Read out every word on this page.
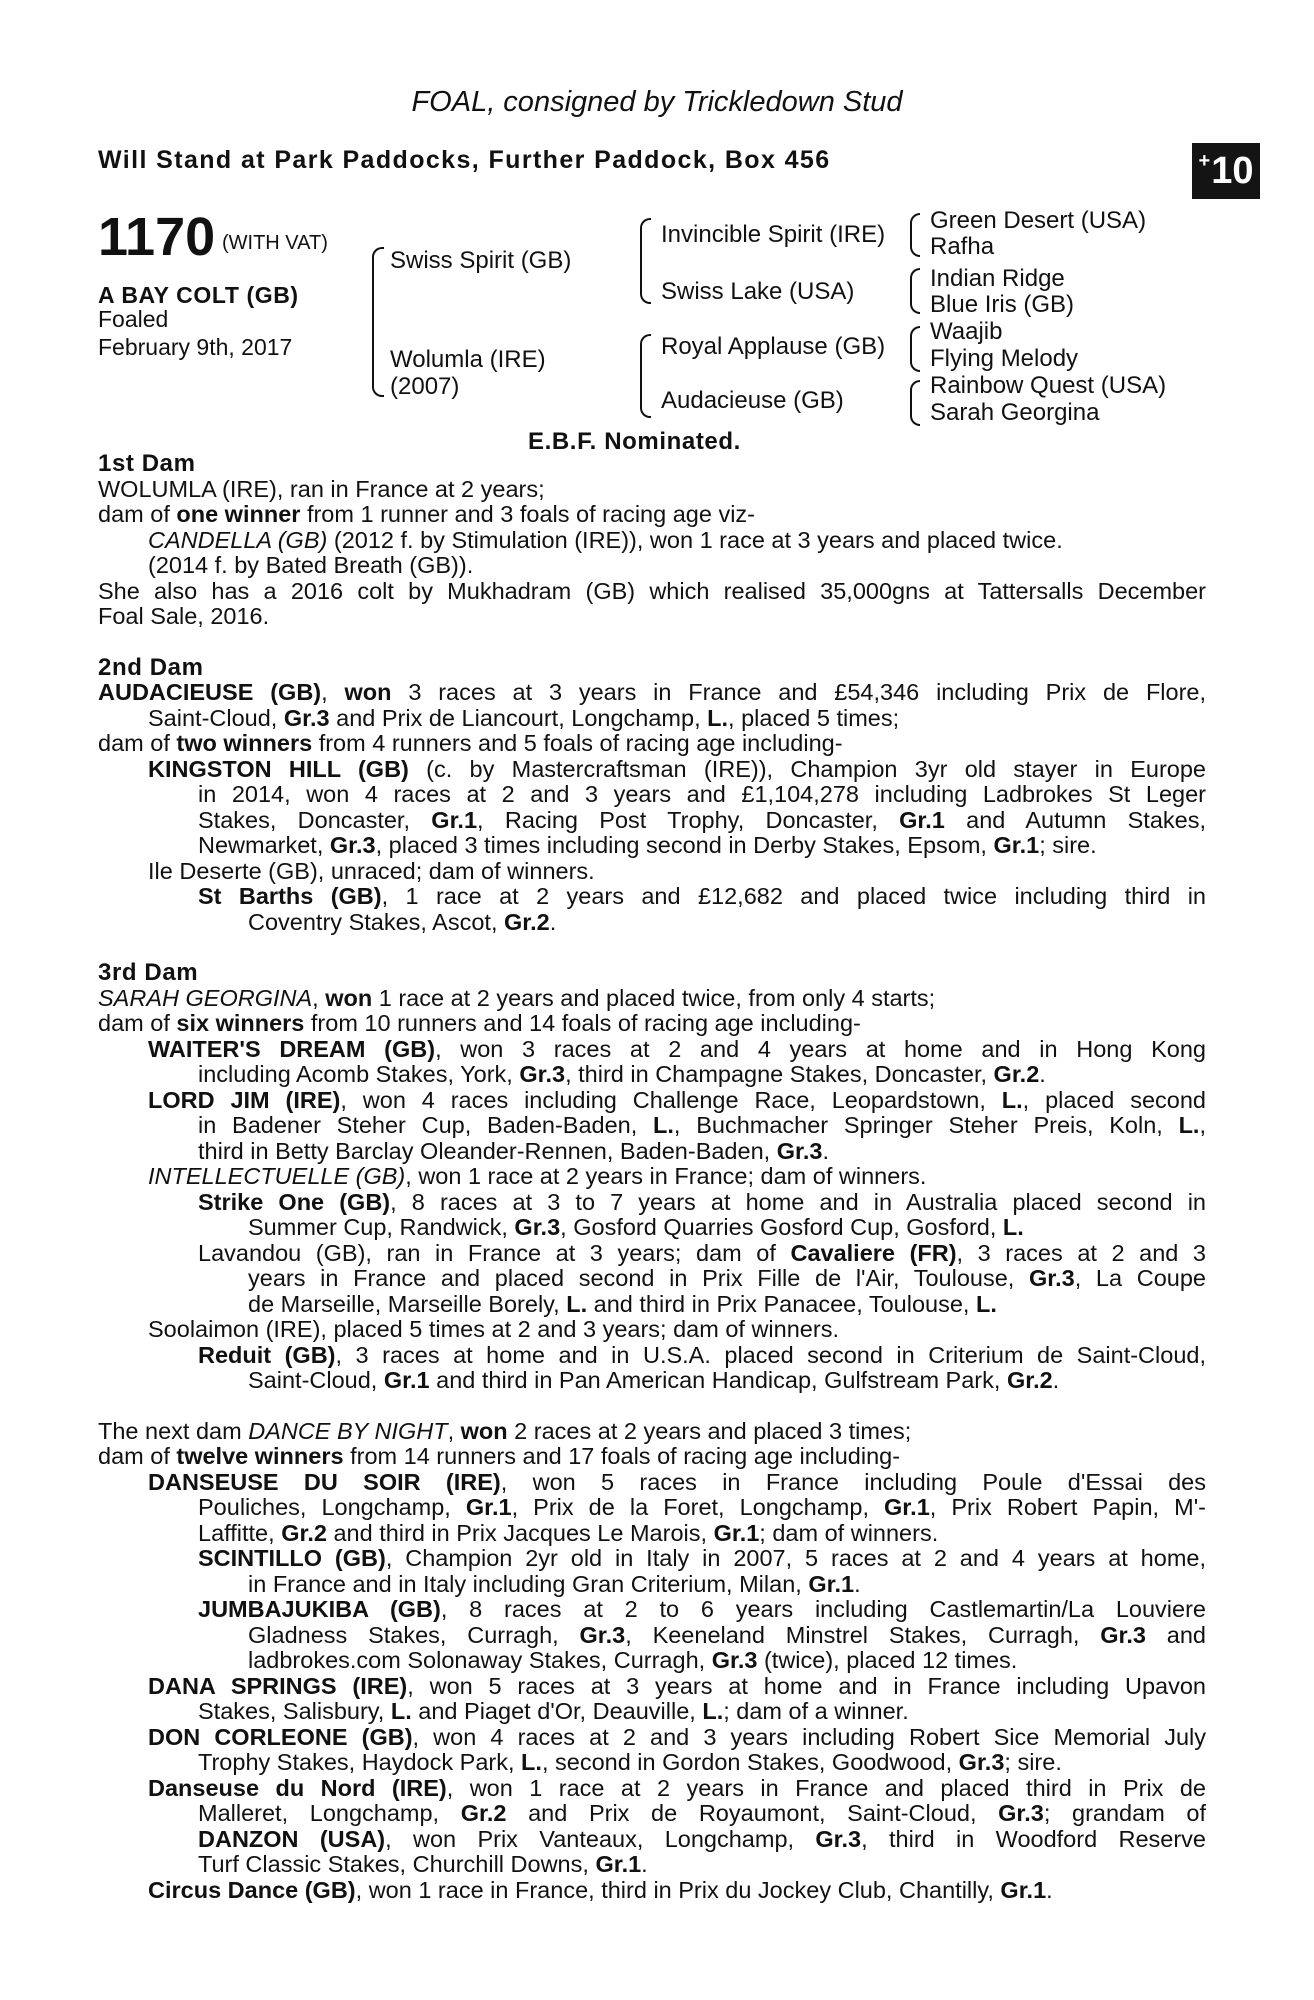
FOAL, consigned by Trickledown Stud
Will Stand at Park Paddocks, Further Paddock, Box 456	+ 10
1170 (WITH VAT)
A BAY COLT (GB)
Foaled
February 9th, 2017
Swiss Spirit (GB)
Wolumla (IRE)
(2007)
Invincible Spirit (IRE)
Swiss Lake (USA)
Royal Applause (GB)
Audacieuse (GB)
Green Desert (USA)
Rafha
Indian Ridge
Blue Iris (GB)
Waajib
Flying Melody
Rainbow Quest (USA)
Sarah Georgina
E.B.F. Nominated.
1st Dam
WOLUMLA (IRE), ran in France at 2 years;
dam of one winner from 1 runner and 3 foals of racing age viz-
CANDELLA (GB) (2012 f. by Stimulation (IRE)), won 1 race at 3 years and placed twice.
(2014 f. by Bated Breath (GB)).
She also has a 2016 colt by Mukhadram (GB) which realised 35,000gns at Tattersalls December
Foal Sale, 2016.
2nd Dam
AUDACIEUSE (GB), won 3 races at 3 years in France and £54,346 including Prix de Flore,
Saint-Cloud, Gr.3 and Prix de Liancourt, Longchamp, L., placed 5 times;
dam of two winners from 4 runners and 5 foals of racing age including-
KINGSTON HILL (GB) (c. by Mastercraftsman (IRE)), Champion 3yr old stayer in Europe
in 2014, won 4 races at 2 and 3 years and £1,104,278 including Ladbrokes St Leger
Stakes, Doncaster, Gr.1, Racing Post Trophy, Doncaster, Gr.1 and Autumn Stakes,
Newmarket, Gr.3, placed 3 times including second in Derby Stakes, Epsom, Gr.1; sire.
Ile Deserte (GB), unraced; dam of winners.
St Barths (GB), 1 race at 2 years and £12,682 and placed twice including third in
Coventry Stakes, Ascot, Gr.2.
3rd Dam
SARAH GEORGINA, won 1 race at 2 years and placed twice, from only 4 starts;
dam of six winners from 10 runners and 14 foals of racing age including-
WAITER'S DREAM (GB), won 3 races at 2 and 4 years at home and in Hong Kong
including Acomb Stakes, York, Gr.3, third in Champagne Stakes, Doncaster, Gr.2.
LORD JIM (IRE), won 4 races including Challenge Race, Leopardstown, L., placed second
in Badener Steher Cup, Baden-Baden, L., Buchmacher Springer Steher Preis, Koln, L.,
third in Betty Barclay Oleander-Rennen, Baden-Baden, Gr.3.
INTELLECTUELLE (GB), won 1 race at 2 years in France; dam of winners.
Strike One (GB), 8 races at 3 to 7 years at home and in Australia placed second in
Summer Cup, Randwick, Gr.3, Gosford Quarries Gosford Cup, Gosford, L.
Lavandou (GB), ran in France at 3 years; dam of Cavaliere (FR), 3 races at 2 and 3
years in France and placed second in Prix Fille de l'Air, Toulouse, Gr.3, La Coupe
de Marseille, Marseille Borely, L. and third in Prix Panacee, Toulouse, L.
Soolaimon (IRE), placed 5 times at 2 and 3 years; dam of winners.
Reduit (GB), 3 races at home and in U.S.A. placed second in Criterium de Saint-Cloud,
Saint-Cloud, Gr.1 and third in Pan American Handicap, Gulfstream Park, Gr.2.
The next dam DANCE BY NIGHT, won 2 races at 2 years and placed 3 times;
dam of twelve winners from 14 runners and 17 foals of racing age including-
DANSEUSE DU SOIR (IRE), won 5 races in France including Poule d'Essai des
Pouliches, Longchamp, Gr.1, Prix de la Foret, Longchamp, Gr.1, Prix Robert Papin, M'-
Laffitte, Gr.2 and third in Prix Jacques Le Marois, Gr.1; dam of winners.
SCINTILLO (GB), Champion 2yr old in Italy in 2007, 5 races at 2 and 4 years at home,
in France and in Italy including Gran Criterium, Milan, Gr.1.
JUMBAJUKIBA (GB), 8 races at 2 to 6 years including Castlemartin/La Louviere
Gladness Stakes, Curragh, Gr.3, Keeneland Minstrel Stakes, Curragh, Gr.3 and
ladbrokes.com Solonaway Stakes, Curragh, Gr.3 (twice), placed 12 times.
DANA SPRINGS (IRE), won 5 races at 3 years at home and in France including Upavon
Stakes, Salisbury, L. and Piaget d'Or, Deauville, L.; dam of a winner.
DON CORLEONE (GB), won 4 races at 2 and 3 years including Robert Sice Memorial July
Trophy Stakes, Haydock Park, L., second in Gordon Stakes, Goodwood, Gr.3; sire.
Danseuse du Nord (IRE), won 1 race at 2 years in France and placed third in Prix de
Malleret, Longchamp, Gr.2 and Prix de Royaumont, Saint-Cloud, Gr.3; grandam of
DANZON (USA), won Prix Vanteaux, Longchamp, Gr.3, third in Woodford Reserve
Turf Classic Stakes, Churchill Downs, Gr.1.
Circus Dance (GB), won 1 race in France, third in Prix du Jockey Club, Chantilly, Gr.1.
